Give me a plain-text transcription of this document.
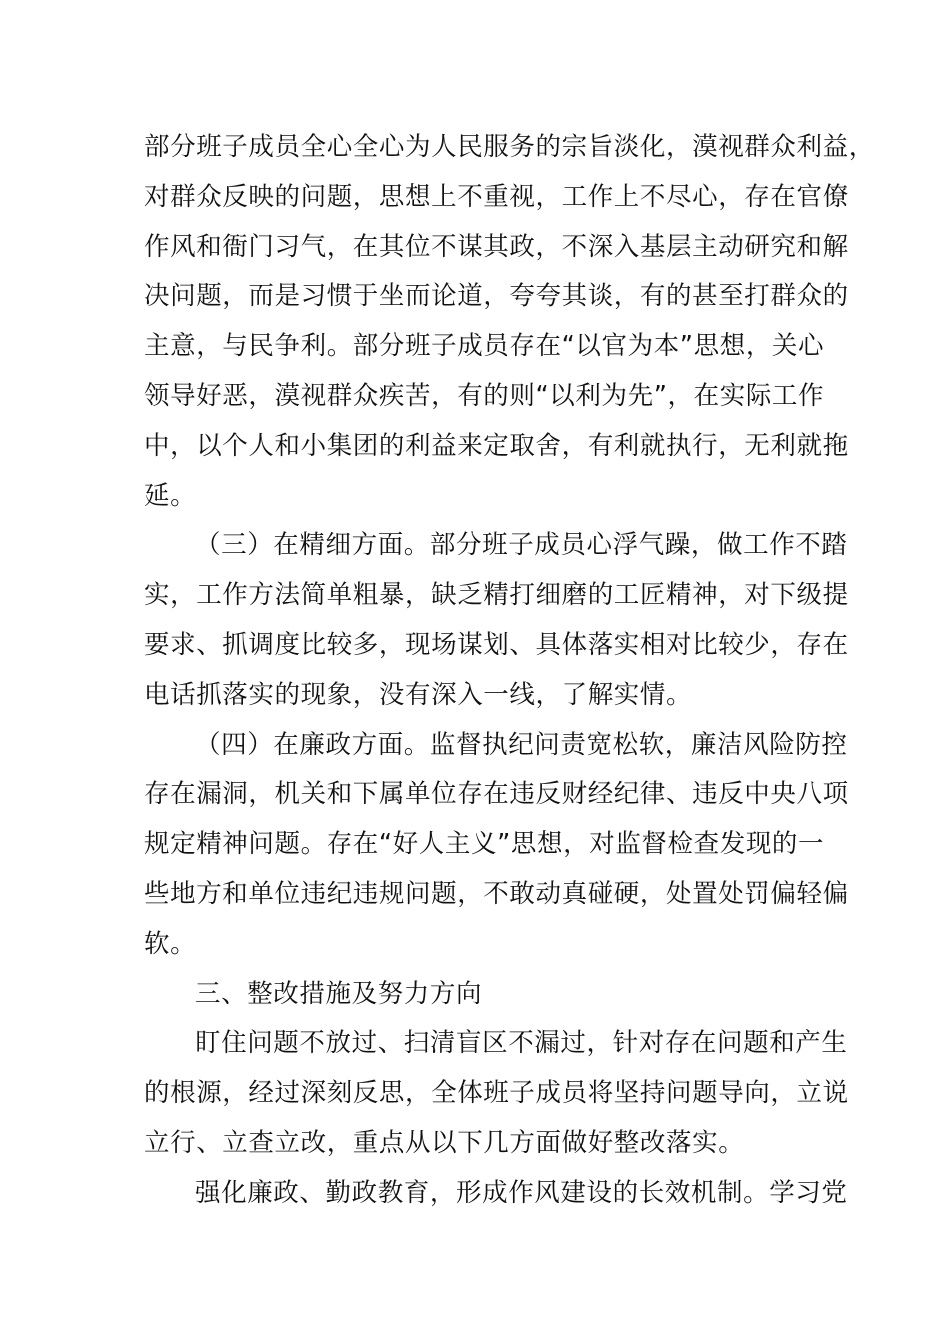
部分班子成员全心全心为人民服务的宗旨淡化，漠视群众利益，
对群众反映的问题，思想上不重视，工作上不尽心，存在官僚
作风和衙门习气，在其位不谋其政，不深入基层主动研究和解
决问题，而是习惯于坐而论道，夸夸其谈，有的甚至打群众的
主意，与民争利。部分班子成员存在“以官为本”思想，关心
领导好恶，漠视群众疾苦，有的则“以利为先”，在实际工作
中，以个人和小集团的利益来定取舍，有利就执行，无利就拖
延。
（三）在精细方面。部分班子成员心浮气躁，做工作不踏
实，工作方法简单粗暴，缺乏精打细磨的工匠精神，对下级提
要求、抓调度比较多，现场谋划、具体落实相对比较少，存在
电话抓落实的现象，没有深入一线，了解实情。
（四）在廉政方面。监督执纪问责宽松软，廉洁风险防控
存在漏洞，机关和下属单位存在违反财经纪律、违反中央八项
规定精神问题。存在“好人主义”思想，对监督检查发现的一
些地方和单位违纪违规问题，不敢动真碰硬，处置处罚偏轻偏
软。
三、整改措施及努力方向
盯住问题不放过、扫清盲区不漏过，针对存在问题和产生
的根源，经过深刻反思，全体班子成员将坚持问题导向，立说
立行、立查立改，重点从以下几方面做好整改落实。
强化廉政、勤政教育，形成作风建设的长效机制。学习党
